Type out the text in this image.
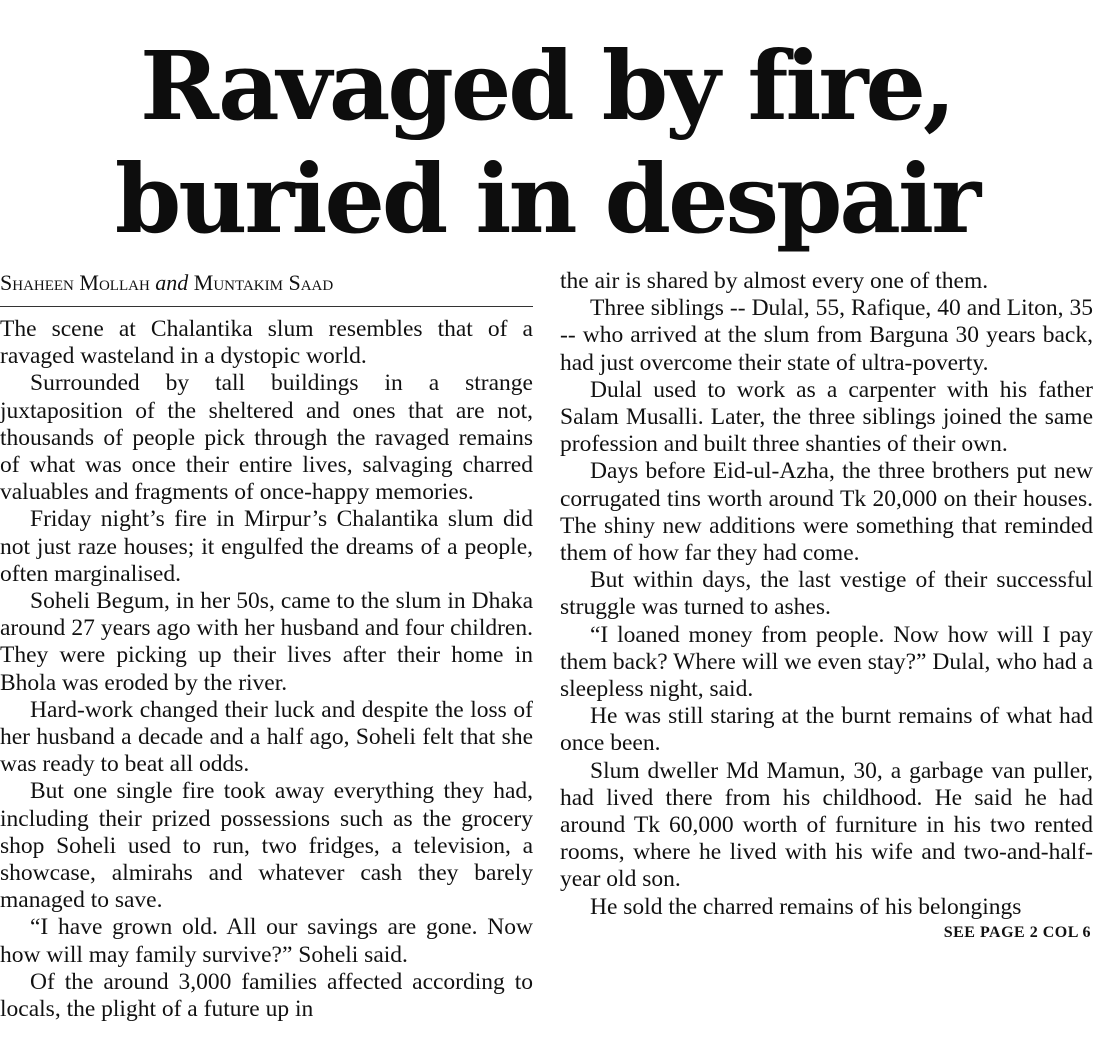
Ravaged by fire,
buried in despair
Shaheen Mollah and Muntakim Saad

The scene at Chalantika slum resembles that of a ravaged wasteland in a dystopic world.

Surrounded by tall buildings in a strange juxtaposition of the sheltered and ones that are not, thousands of people pick through the ravaged remains of what was once their entire lives, salvaging charred valuables and fragments of once-happy memories.

Friday night’s fire in Mirpur’s Chalantika slum did not just raze houses; it engulfed the dreams of a people, often marginalised.

Soheli Begum, in her 50s, came to the slum in Dhaka around 27 years ago with her husband and four children. They were picking up their lives after their home in Bhola was eroded by the river.

Hard-work changed their luck and despite the loss of her husband a decade and a half ago, Soheli felt that she was ready to beat all odds.

But one single fire took away everything they had, including their prized possessions such as the grocery shop Soheli used to run, two fridges, a television, a showcase, almirahs and whatever cash they barely managed to save.

“I have grown old. All our savings are gone. Now how will may family survive?” Soheli said.

Of the around 3,000 families affected according to locals, the plight of a future up in

the air is shared by almost every one of them.

Three siblings -- Dulal, 55, Rafique, 40 and Liton, 35 -- who arrived at the slum from Barguna 30 years back, had just overcome their state of ultra-poverty.

Dulal used to work as a carpenter with his father Salam Musalli. Later, the three siblings joined the same profession and built three shanties of their own.

Days before Eid-ul-Azha, the three brothers put new corrugated tins worth around Tk 20,000 on their houses. The shiny new additions were something that reminded them of how far they had come.

But within days, the last vestige of their successful struggle was turned to ashes.

“I loaned money from people. Now how will I pay them back? Where will we even stay?” Dulal, who had a sleepless night, said.

He was still staring at the burnt remains of what had once been.

Slum dweller Md Mamun, 30, a garbage van puller, had lived there from his childhood. He said he had around Tk 60,000 worth of furniture in his two rented rooms, where he lived with his wife and two-and-half-year old son.

He sold the charred remains of his belongings

SEE PAGE 2 COL 6
